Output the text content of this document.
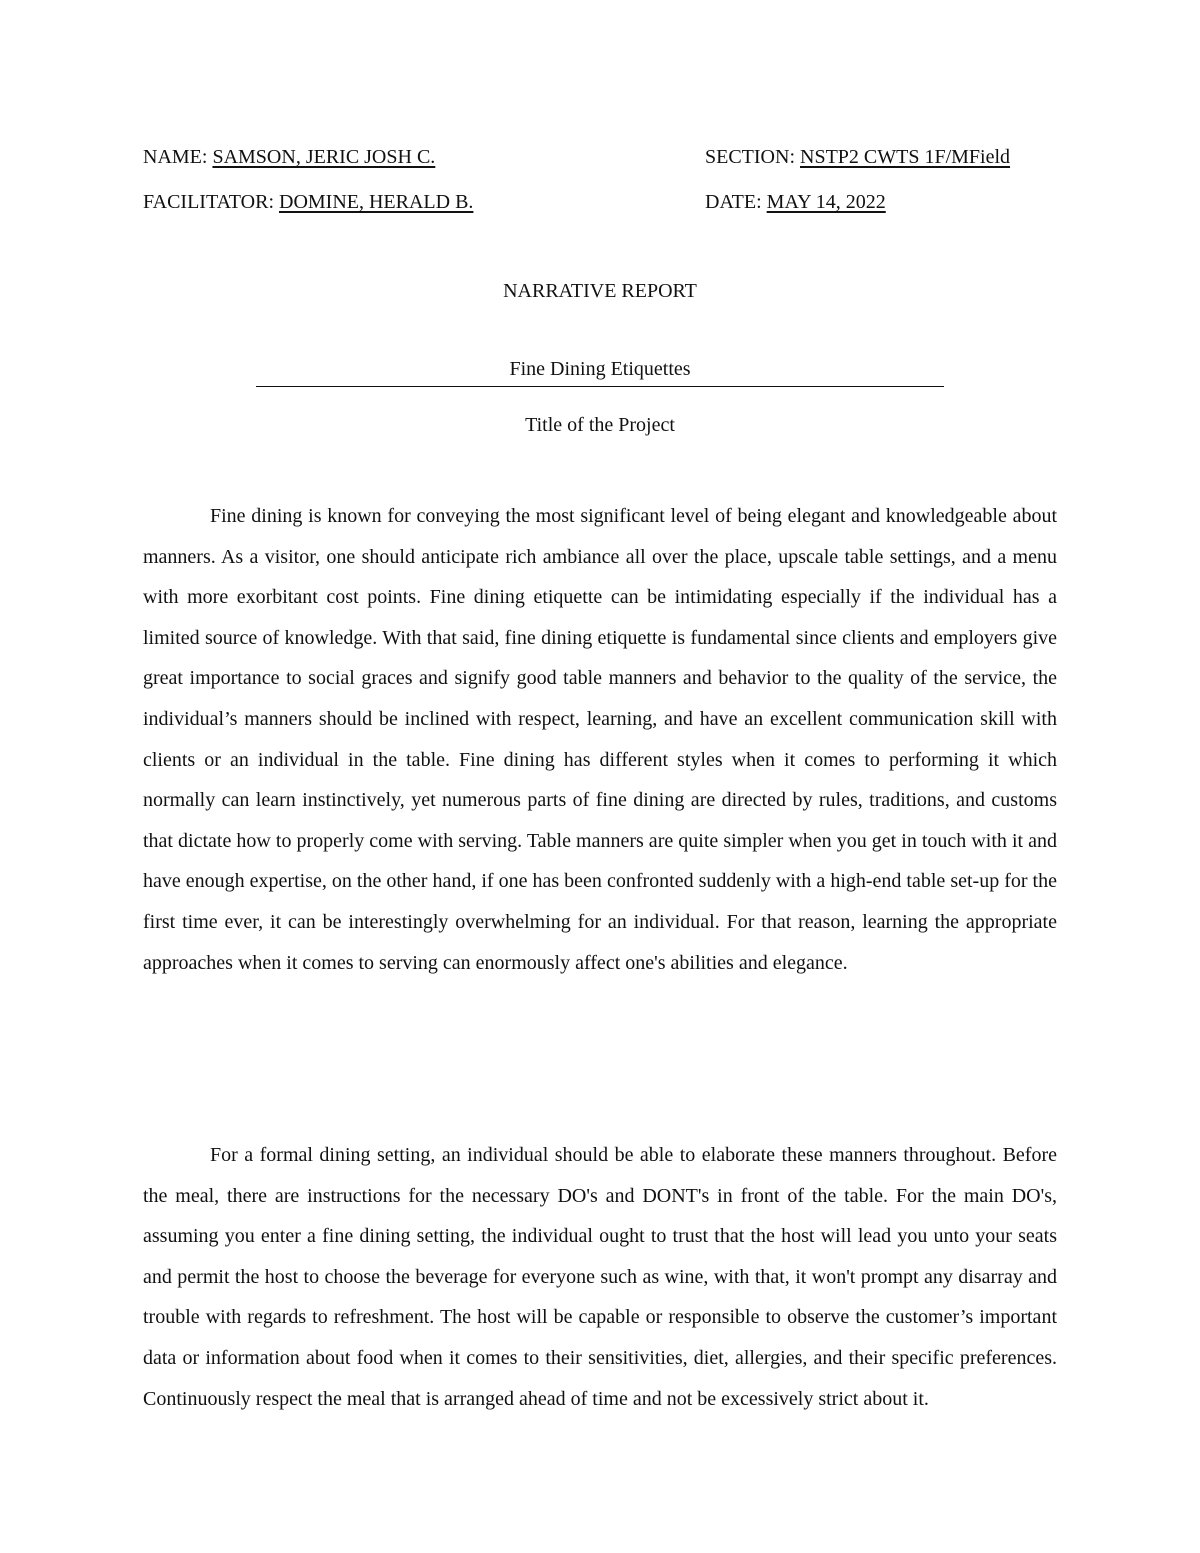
NAME: SAMSON, JERIC JOSH C.	SECTION: NSTP2 CWTS 1F/MField
FACILITATOR: DOMINE, HERALD B.	DATE: MAY 14, 2022
NARRATIVE REPORT
Fine Dining Etiquettes
Title of the Project

Fine dining is known for conveying the most significant level of being elegant and knowledgeable about manners. As a visitor, one should anticipate rich ambiance all over the place, upscale table settings, and a menu with more exorbitant cost points. Fine dining etiquette can be intimidating especially if the individual has a limited source of knowledge. With that said, fine dining etiquette is fundamental since clients and employers give great importance to social graces and signify good table manners and behavior to the quality of the service, the individual’s manners should be inclined with respect, learning, and have an excellent communication skill with clients or an individual in the table. Fine dining has different styles when it comes to performing it which normally can learn instinctively, yet numerous parts of fine dining are directed by rules, traditions, and customs that dictate how to properly come with serving. Table manners are quite simpler when you get in touch with it and have enough expertise, on the other hand, if one has been confronted suddenly with a high-end table set-up for the first time ever, it can be interestingly overwhelming for an individual. For that reason, learning the appropriate approaches when it comes to serving can enormously affect one's abilities and elegance.

For a formal dining setting, an individual should be able to elaborate these manners throughout. Before the meal, there are instructions for the necessary DO's and DONT's in front of the table. For the main DO's, assuming you enter a fine dining setting, the individual ought to trust that the host will lead you unto your seats and permit the host to choose the beverage for everyone such as wine, with that, it won't prompt any disarray and trouble with regards to refreshment. The host will be capable or responsible to observe the customer’s important data or information about food when it comes to their sensitivities, diet, allergies, and their specific preferences. Continuously respect the meal that is arranged ahead of time and not be excessively strict about it.
